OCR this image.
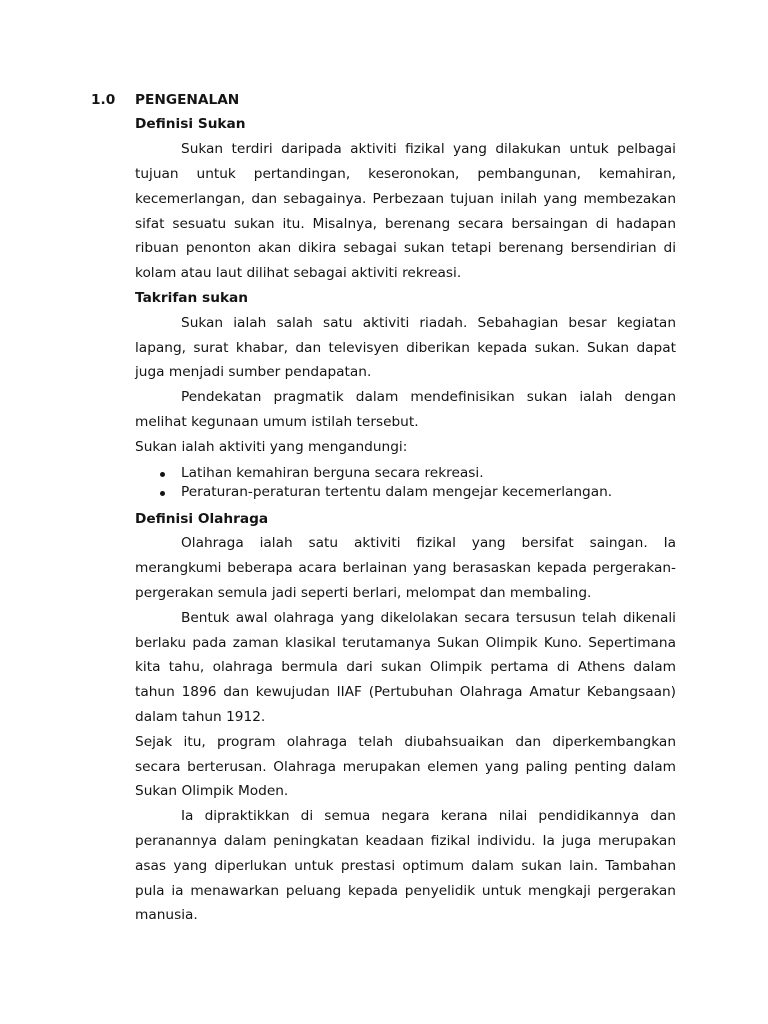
1.0 PENGENALAN
Definisi Sukan
Sukan terdiri daripada aktiviti fizikal yang dilakukan untuk pelbagai
tujuan untuk pertandingan, keseronokan, pembangunan, kemahiran,
kecemerlangan, dan sebagainya. Perbezaan tujuan inilah yang membezakan
sifat sesuatu sukan itu. Misalnya, berenang secara bersaingan di hadapan
ribuan penonton akan dikira sebagai sukan tetapi berenang bersendirian di
kolam atau laut dilihat sebagai aktiviti rekreasi.
Takrifan sukan
Sukan ialah salah satu aktiviti riadah. Sebahagian besar kegiatan
lapang, surat khabar, dan televisyen diberikan kepada sukan. Sukan dapat
juga menjadi sumber pendapatan.
Pendekatan pragmatik dalam mendefinisikan sukan ialah dengan
melihat kegunaan umum istilah tersebut.
Sukan ialah aktiviti yang mengandungi:
Latihan kemahiran berguna secara rekreasi.
Peraturan-peraturan tertentu dalam mengejar kecemerlangan.
Definisi Olahraga
Olahraga ialah satu aktiviti fizikal yang bersifat saingan. Ia
merangkumi beberapa acara berlainan yang berasaskan kepada pergerakan-
pergerakan semula jadi seperti berlari, melompat dan membaling.
Bentuk awal olahraga yang dikelolakan secara tersusun telah dikenali
berlaku pada zaman klasikal terutamanya Sukan Olimpik Kuno. Sepertimana
kita tahu, olahraga bermula dari sukan Olimpik pertama di Athens dalam
tahun 1896 dan kewujudan IIAF (Pertubuhan Olahraga Amatur Kebangsaan)
dalam tahun 1912.
Sejak itu, program olahraga telah diubahsuaikan dan diperkembangkan
secara berterusan. Olahraga merupakan elemen yang paling penting dalam
Sukan Olimpik Moden.
Ia dipraktikkan di semua negara kerana nilai pendidikannya dan
peranannya dalam peningkatan keadaan fizikal individu. Ia juga merupakan
asas yang diperlukan untuk prestasi optimum dalam sukan lain. Tambahan
pula ia menawarkan peluang kepada penyelidik untuk mengkaji pergerakan
manusia.
